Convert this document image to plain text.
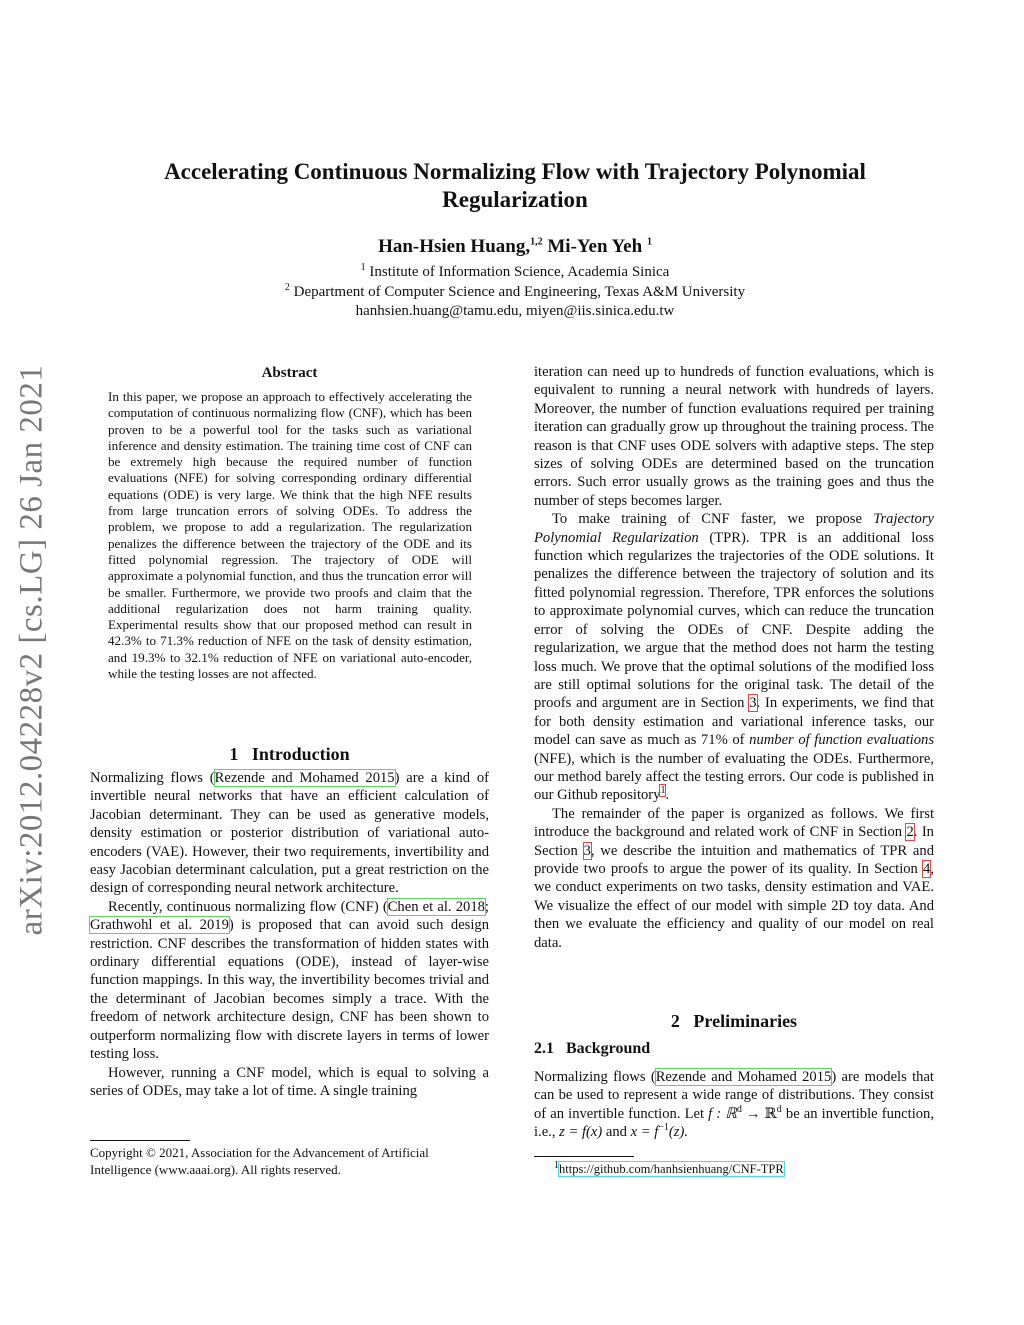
Accelerating Continuous Normalizing Flow with Trajectory Polynomial
Regularization
Han-Hsien Huang,$^{1,2}$ Mi-Yen Yeh $^1$
$^1$ Institute of Information Science, Academia Sinica
$^2$ Department of Computer Science and Engineering, Texas A&M University
hanhsien.huang@tamu.edu, miyen@iis.sinica.edu.tw
arXiv:2012.04228v2 [cs.LG] 26 Jan 2021	Abstract
In this paper, we propose an approach to effectively accelerating the computation of continuous normalizing flow (CNF), which has been proven to be a powerful tool for the tasks such as variational inference and density estimation. The training time cost of CNF can be extremely high because the required number of function evaluations (NFE) for solving corresponding ordinary differential equations (ODE) is very large. We think that the high NFE results from large truncation errors of solving ODEs. To address the problem, we propose to add a regularization. The regularization penalizes the difference between the trajectory of the ODE and its fitted polynomial regression. The trajectory of ODE will approximate a polynomial function, and thus the truncation error will be smaller. Furthermore, we provide two proofs and claim that the additional regularization does not harm training quality. Experimental results show that our proposed method can result in 42.3% to 71.3% reduction of NFE on the task of density estimation, and 19.3% to 32.1% reduction of NFE on variational auto-encoder, while the testing losses are not affected.
1 Introduction

Normalizing flows (Rezende and Mohamed 2015) are a kind of invertible neural networks that have an efficient calculation of Jacobian determinant. They can be used as generative models, density estimation or posterior distribution of variational auto-encoders (VAE). However, their two requirements, invertibility and easy Jacobian determinant calculation, put a great restriction on the design of corresponding neural network architecture.

Recently, continuous normalizing flow (CNF) (Chen et al. 2018; Grathwohl et al. 2019) is proposed that can avoid such design restriction. CNF describes the transformation of hidden states with ordinary differential equations (ODE), instead of layer-wise function mappings. In this way, the invertibility becomes trivial and the determinant of Jacobian becomes simply a trace. With the freedom of network architecture design, CNF has been shown to outperform normalizing flow with discrete layers in terms of lower testing loss.

However, running a CNF model, which is equal to solving a series of ODEs, may take a lot of time. A single training

Copyright © 2021, Association for the Advancement of Artificial Intelligence (www.aaai.org). All rights reserved.

iteration can need up to hundreds of function evaluations, which is equivalent to running a neural network with hundreds of layers. Moreover, the number of function evaluations required per training iteration can gradually grow up throughout the training process. The reason is that CNF uses ODE solvers with adaptive steps. The step sizes of solving ODEs are determined based on the truncation errors. Such error usually grows as the training goes and thus the number of steps becomes larger.

To make training of CNF faster, we propose Trajectory Polynomial Regularization (TPR). TPR is an additional loss function which regularizes the trajectories of the ODE solutions. It penalizes the difference between the trajectory of solution and its fitted polynomial regression. Therefore, TPR enforces the solutions to approximate polynomial curves, which can reduce the truncation error of solving the ODEs of CNF. Despite adding the regularization, we argue that the method does not harm the testing loss much. We prove that the optimal solutions of the modified loss are still optimal solutions for the original task. The detail of the proofs and argument are in Section 3. In experiments, we find that for both density estimation and variational inference tasks, our model can save as much as 71% of number of function evaluations (NFE), which is the number of evaluating the ODEs. Furthermore, our method barely affect the testing errors. Our code is published in our Github repository$^1$.

The remainder of the paper is organized as follows. We first introduce the background and related work of CNF in Section 2. In Section 3, we describe the intuition and mathematics of TPR and provide two proofs to argue the power of its quality. In Section 4, we conduct experiments on two tasks, density estimation and VAE. We visualize the effect of our model with simple 2D toy data. And then we evaluate the efficiency and quality of our model on real data.

2 Preliminaries
2.1 Background

Normalizing flows (Rezende and Mohamed 2015) are models that can be used to represent a wide range of distributions. They consist of an invertible function. Let f : ℝ$^d$ → ℝ$^d$ be an invertible function, i.e., z = f(x) and $x = f^{-1}(z)$.

$^1$https://github.com/hanhsienhuang/CNF-TPR
